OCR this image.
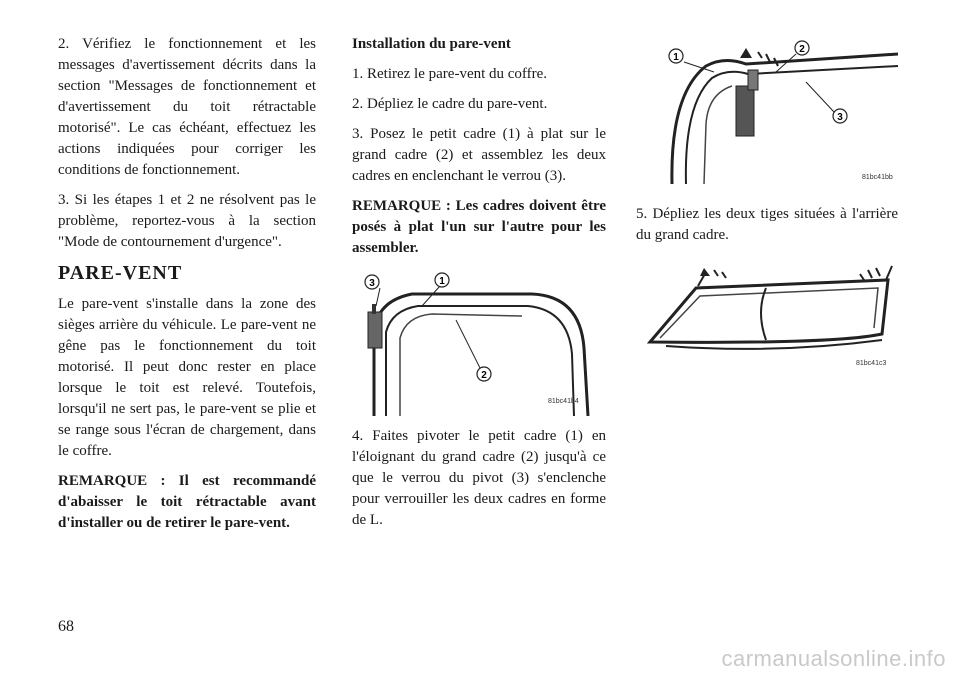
2. Vérifiez le fonctionnement et les messages d'avertissement décrits dans la section "Messages de fonctionnement et d'avertissement du toit rétractable motorisé". Le cas échéant, effectuez les actions indiquées pour corriger les conditions de fonctionnement.

3. Si les étapes 1 et 2 ne résolvent pas le problème, reportez-vous à la section "Mode de contournement d'urgence".

PARE-VENT

Le pare-vent s'installe dans la zone des sièges arrière du véhicule. Le pare-vent ne gêne pas le fonctionnement du toit motorisé. Il peut donc rester en place lorsque le toit est relevé. Toutefois, lorsqu'il ne sert pas, le pare-vent se plie et se range sous l'écran de chargement, dans le coffre.

REMARQUE : Il est recommandé d'abaisser le toit rétractable avant d'installer ou de retirer le pare-vent.

Installation du pare-vent

1. Retirez le pare-vent du coffre.

2. Dépliez le cadre du pare-vent.

3. Posez le petit cadre (1) à plat sur le grand cadre (2) et assemblez les deux cadres en enclenchant le verrou (3).

REMARQUE : Les cadres doivent être posés à plat l'un sur l'autre pour les assembler.

3	1
2
81bc41b4

4. Faites pivoter le petit cadre (1) en l'éloignant du grand cadre (2) jusqu'à ce que le verrou du pivot (3) s'enclenche pour verrouiller les deux cadres en forme de L.

1
2
3
81bc41bb

5. Dépliez les deux tiges situées à l'arrière du grand cadre.

81bc41c3
68
carmanualsonline.info
